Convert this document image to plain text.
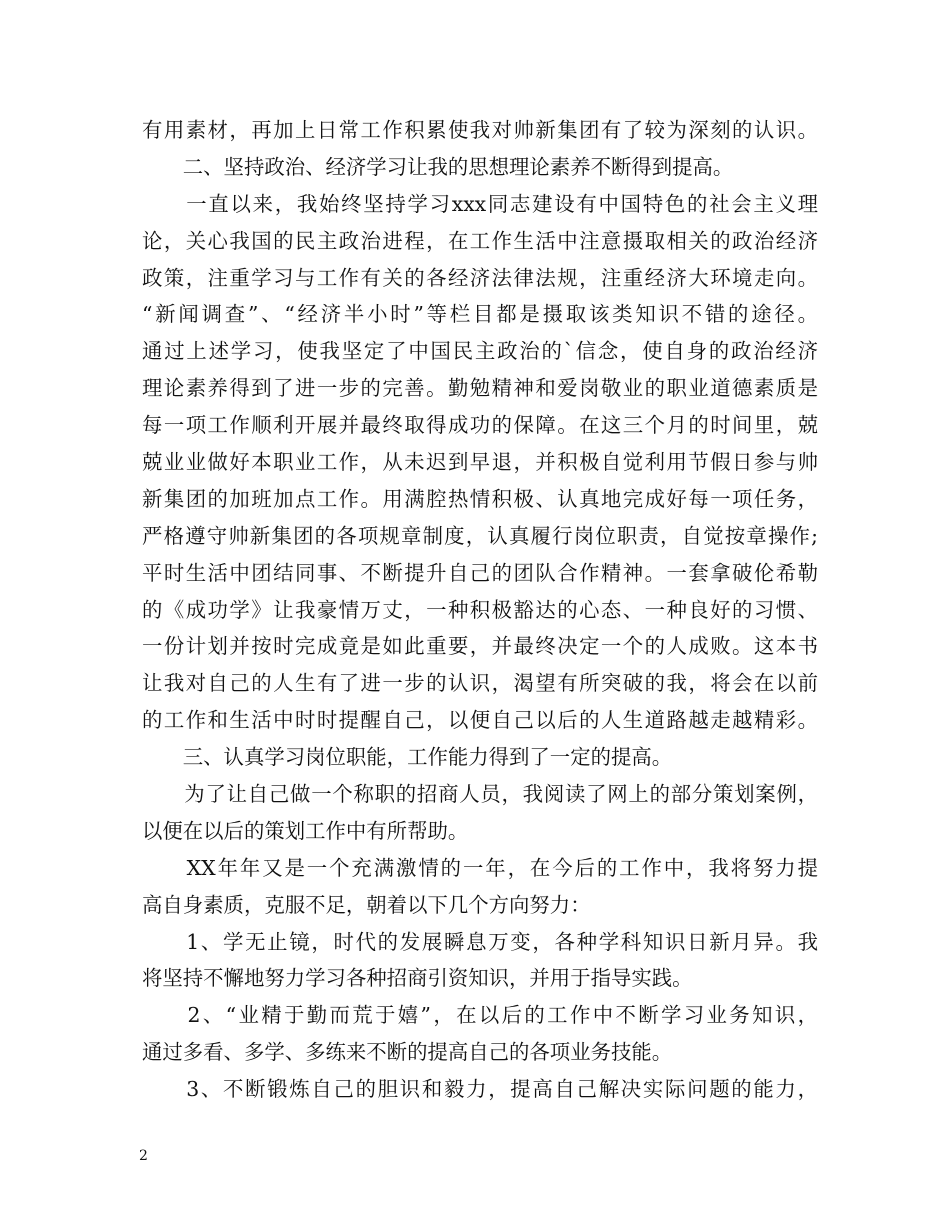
有用素材，再加上日常工作积累使我对帅新集团有了较为深刻的认识。
　　二、坚持政治、经济学习让我的思想理论素养不断得到提高。
　　一直以来，我始终坚持学习xxx同志建设有中国特色的社会主义理
论，关心我国的民主政治进程，在工作生活中注意摄取相关的政治经济
政策，注重学习与工作有关的各经济法律法规，注重经济大环境走向。
“新闻调查”、“经济半小时”等栏目都是摄取该类知识不错的途径。
通过上述学习，使我坚定了中国民主政治的`信念，使自身的政治经济
理论素养得到了进一步的完善。勤勉精神和爱岗敬业的职业道德素质是
每一项工作顺利开展并最终取得成功的保障。在这三个月的时间里，兢
兢业业做好本职业工作，从未迟到早退，并积极自觉利用节假日参与帅
新集团的加班加点工作。用满腔热情积极、认真地完成好每一项任务，
严格遵守帅新集团的各项规章制度，认真履行岗位职责，自觉按章操作;
平时生活中团结同事、不断提升自己的团队合作精神。一套拿破伦希勒
的《成功学》让我豪情万丈，一种积极豁达的心态、一种良好的习惯、
一份计划并按时完成竟是如此重要，并最终决定一个的人成败。这本书
让我对自己的人生有了进一步的认识，渴望有所突破的我，将会在以前
的工作和生活中时时提醒自己，以便自己以后的人生道路越走越精彩。
　　三、认真学习岗位职能，工作能力得到了一定的提高。
　　为了让自己做一个称职的招商人员，我阅读了网上的部分策划案例，
以便在以后的策划工作中有所帮助。
　　XX年年又是一个充满激情的一年，在今后的工作中，我将努力提
高自身素质，克服不足，朝着以下几个方向努力：
　　1、学无止镜，时代的发展瞬息万变，各种学科知识日新月异。我
将坚持不懈地努力学习各种招商引资知识，并用于指导实践。
　　2、“业精于勤而荒于嬉”，在以后的工作中不断学习业务知识，
通过多看、多学、多练来不断的提高自己的各项业务技能。
　　3、不断锻炼自己的胆识和毅力，提高自己解决实际问题的能力，
2
